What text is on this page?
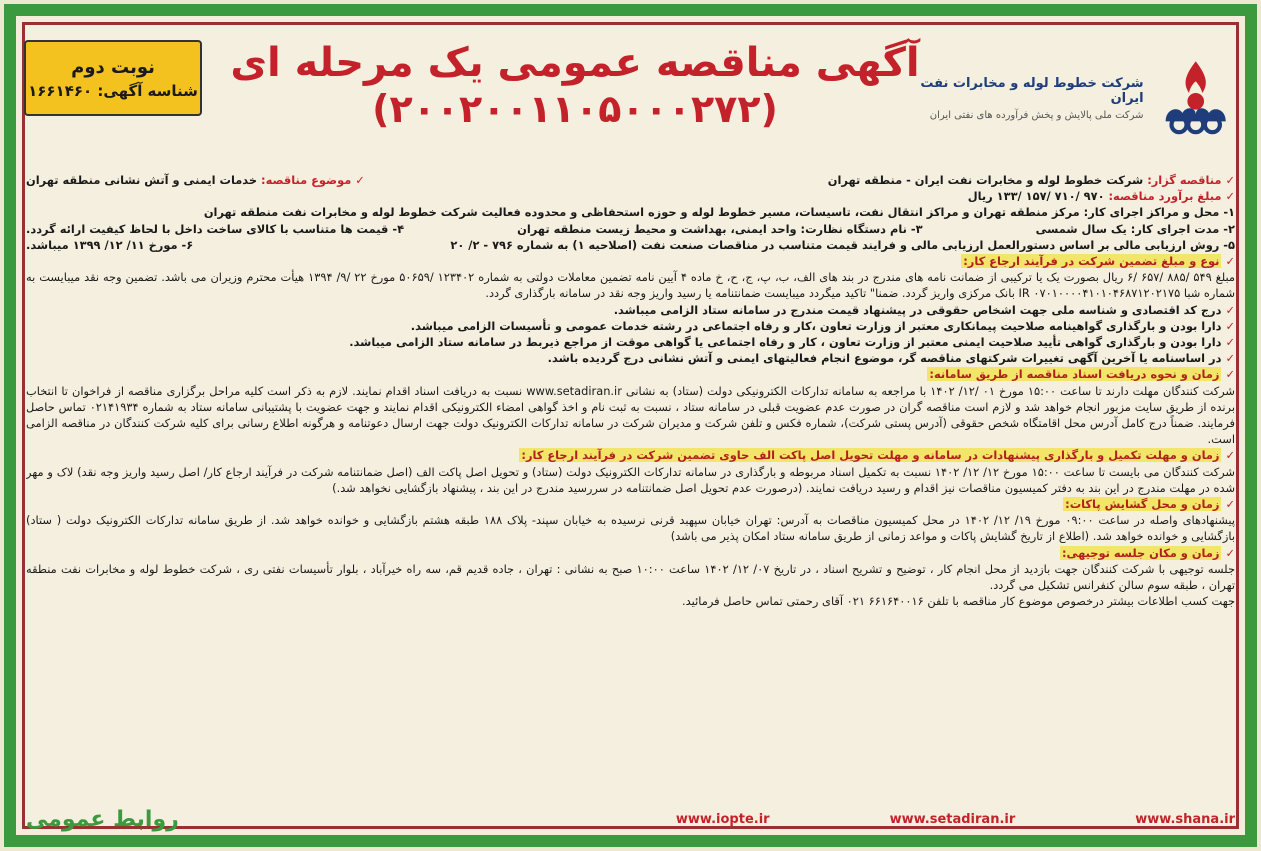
نوبت دوم
شناسه آگهی: ۱۶۶۱۴۶۰
آگهی مناقصه عمومی یک مرحله ای
(۲۰۰۲۰۰۱۱۰۵۰۰۰۲۷۲)
شرکت خطوط لوله و مخابرات نفت ایران
شرکت ملی پالایش و پخش فرآورده های نفتی ایران
✓مناقصه گزار: شرکت خطوط لوله و مخابرات نفت ایران - منطقه تهران
✓موضوع مناقصه: خدمات ایمنی و آتش نشانی منطقه تهران
✓مبلغ برآورد مناقصه: ۹۷۰ /۷۱۰ /۱۵۷ /۱۳۳ ریال
۱- محل و مراکز اجرای کار: مرکز منطقه تهران و مراکز انتقال نفت، تاسیسات، مسیر خطوط لوله و حوزه استحفاظی و محدوده فعالیت شرکت خطوط لوله و مخابرات نفت منطقه تهران
۲- مدت اجرای کار: یک سال شمسی
۳- نام دستگاه نظارت: واحد ایمنی، بهداشت و محیط زیست منطقه تهران
۴- قیمت ها متناسب با کالای ساخت داخل با لحاظ کیفیت ارائه گردد.
۵- روش ارزیابی مالی بر اساس دستورالعمل ارزیابی مالی و فرایند قیمت متناسب در مناقصات صنعت نفت (اصلاحیه ۱) به شماره ۷۹۶ - ۲/ ۲۰
۶- مورخ ۱۱/ ۱۲/ ۱۳۹۹ میباشد.
✓نوع و مبلغ تضمین شرکت در فرآیند ارجاع کار:
مبلغ ۵۴۹ /۸۸۵ /۶۵۷ /۶ ریال بصورت یک یا ترکیبی از ضمانت نامه های مندرج در بند های الف، ب، پ، ج، ح، خ ماده ۴ آیین نامه تضمین معاملات دولتی به شماره ۱۲۳۴۰۲ /۵۰۶۵۹ مورخ ۲۲ /۹/ ۱۳۹۴ هیأت محترم وزیران می باشد. تضمین وجه نقد میبایست به شماره شبا IR ۰۷۰۱۰۰۰۰۴۱۰۱۰۴۶۸۷۱۲۰۲۱۷۵ بانک مرکزی واریز گردد. ضمنا" تاکید میگردد میبایست ضمانتنامه یا رسید واریز وجه نقد در سامانه بارگذاری گردد.
✓درج کد اقتصادی و شناسه ملی جهت اشخاص حقوقی در پیشنهاد قیمت مندرج در سامانه ستاد الزامی میباشد.
✓دارا بودن و بارگذاری گواهینامه صلاحیت پیمانکاری معتبر از وزارت تعاون ،کار و رفاه اجتماعی در رشته خدمات عمومی و تأسیسات الزامی میباشد.
✓دارا بودن و بارگذاری گواهی تأیید صلاحیت ایمنی معتبر از وزارت تعاون ، کار و رفاه اجتماعی یا گواهی موقت از مراجع ذیربط در سامانه ستاد الزامی میباشد.
✓در اساسنامه یا آخرین آگهی تغییرات شرکتهای مناقصه گر، موضوع انجام فعالیتهای ایمنی و آتش نشانی درج گردیده باشد.
✓زمان و نحوه دریافت اسناد مناقصه از طریق سامانه:
شرکت کنندگان مهلت دارند تا ساعت ۱۵:۰۰ مورخ ۰۱ /۱۲/ ۱۴۰۲ با مراجعه به سامانه تدارکات الکترونیکی دولت (ستاد) به نشانی www.setadiran.ir نسبت به دریافت اسناد اقدام نمایند. لازم به ذکر است کلیه مراحل برگزاری مناقصه از فراخوان تا انتخاب برنده از طریق سایت مزبور انجام خواهد شد و لازم است مناقصه گران در صورت عدم عضویت قبلی در سامانه ستاد ، نسبت به ثبت نام و اخذ گواهی امضاء الکترونیکی اقدام نمایند و جهت عضویت با پشتیبانی سامانه ستاد به شماره ۰۲۱۴۱۹۳۴ تماس حاصل فرمایند. ضمناً درج کامل آدرس محل اقامتگاه شخص حقوقی (آدرس پستی شرکت)، شماره فکس و تلفن شرکت و مدیران شرکت در سامانه تدارکات الکترونیک دولت جهت ارسال دعوتنامه و هرگونه اطلاع رسانی برای کلیه شرکت کنندگان در مناقصه الزامی است.
✓زمان و مهلت تکمیل و بارگذاری پیشنهادات در سامانه و مهلت تحویل اصل پاکت الف حاوی تضمین شرکت در فرآیند ارجاع کار:
شرکت کنندگان می بایست تا ساعت ۱۵:۰۰ مورخ ۱۲/ ۱۲/ ۱۴۰۲ نسبت به تکمیل اسناد مربوطه و بارگذاری در سامانه تدارکات الکترونیک دولت (ستاد) و تحویل اصل پاکت الف (اصل ضمانتنامه شرکت در فرآیند ارجاع کار/ اصل رسید واریز وجه نقد) لاک و مهر شده در مهلت مندرج در این بند به دفتر کمیسیون مناقصات نیز اقدام و رسید دریافت نمایند. (درصورت عدم تحویل اصل ضمانتنامه در سررسید مندرج در این بند ، پیشنهاد بازگشایی نخواهد شد.)
✓زمان و محل گشایش پاکات:
پیشنهادهای واصله در ساعت ۰۹:۰۰ مورخ ۱۹/ ۱۲/ ۱۴۰۲ در محل کمیسیون مناقصات به آدرس: تهران خیابان سپهبد قرنی نرسیده به خیابان سپند- پلاک ۱۸۸ طبقه هشتم بازگشایی و خوانده خواهد شد. از طریق سامانه تدارکات الکترونیک دولت ( ستاد) بازگشایی و خوانده خواهد شد. (اطلاع از تاریخ گشایش پاکات و مواعد زمانی از طریق سامانه ستاد امکان پذیر می باشد)
✓زمان و مکان جلسه توجیهی:
جلسه توجیهی با شرکت کنندگان جهت بازدید از محل انجام کار ، توضیح و تشریح اسناد ، در تاریخ ۰۷/ ۱۲/ ۱۴۰۲ ساعت ۱۰:۰۰ صبح به نشانی : تهران ، جاده قدیم قم، سه راه خیرآباد ، بلوار تأسیسات نفتی ری ، شرکت خطوط لوله و مخابرات نفت منطقه تهران ، طبقه سوم سالن کنفرانس تشکیل می گردد.
جهت کسب اطلاعات بیشتر درخصوص موضوع کار مناقصه با تلفن ۶۶۱۶۴۰۰۱۶ ۰۲۱ آقای رحمتی تماس حاصل فرمائید.
www.iopte.ir	www.setadiran.ir	www.shana.ir
روابط عمومی
